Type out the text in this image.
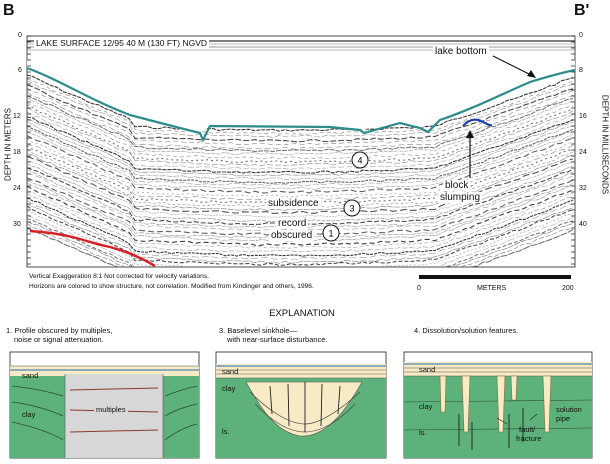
B	B'
4
3
1
LAKE SURFACE 12/95 40 M (130 FT) NGVD
lake bottom
block
slumping
subsidence
record
obscured
0
6
12
18
24
30
0
8
16
24
32
40
DEPTH IN METERS	DEPTH IN MILLISECONDS
Vertical Exaggeration 8:1 Not corrected for velocity variations.
Horizons are colored to show structure, not correlation. Modified from Kindinger and others, 1996.	0	METERS	200
EXPLANATION
1. Profile obscured by multiples,
noise or signal attenuation.
3. Baselevel sinkhole—
with near-surface disturbance.
4. Dissolution/solution features.
sand
clay
multiples
sand
clay
ls.
sand
clay
ls.	fault/
fracture
solution
pipe
